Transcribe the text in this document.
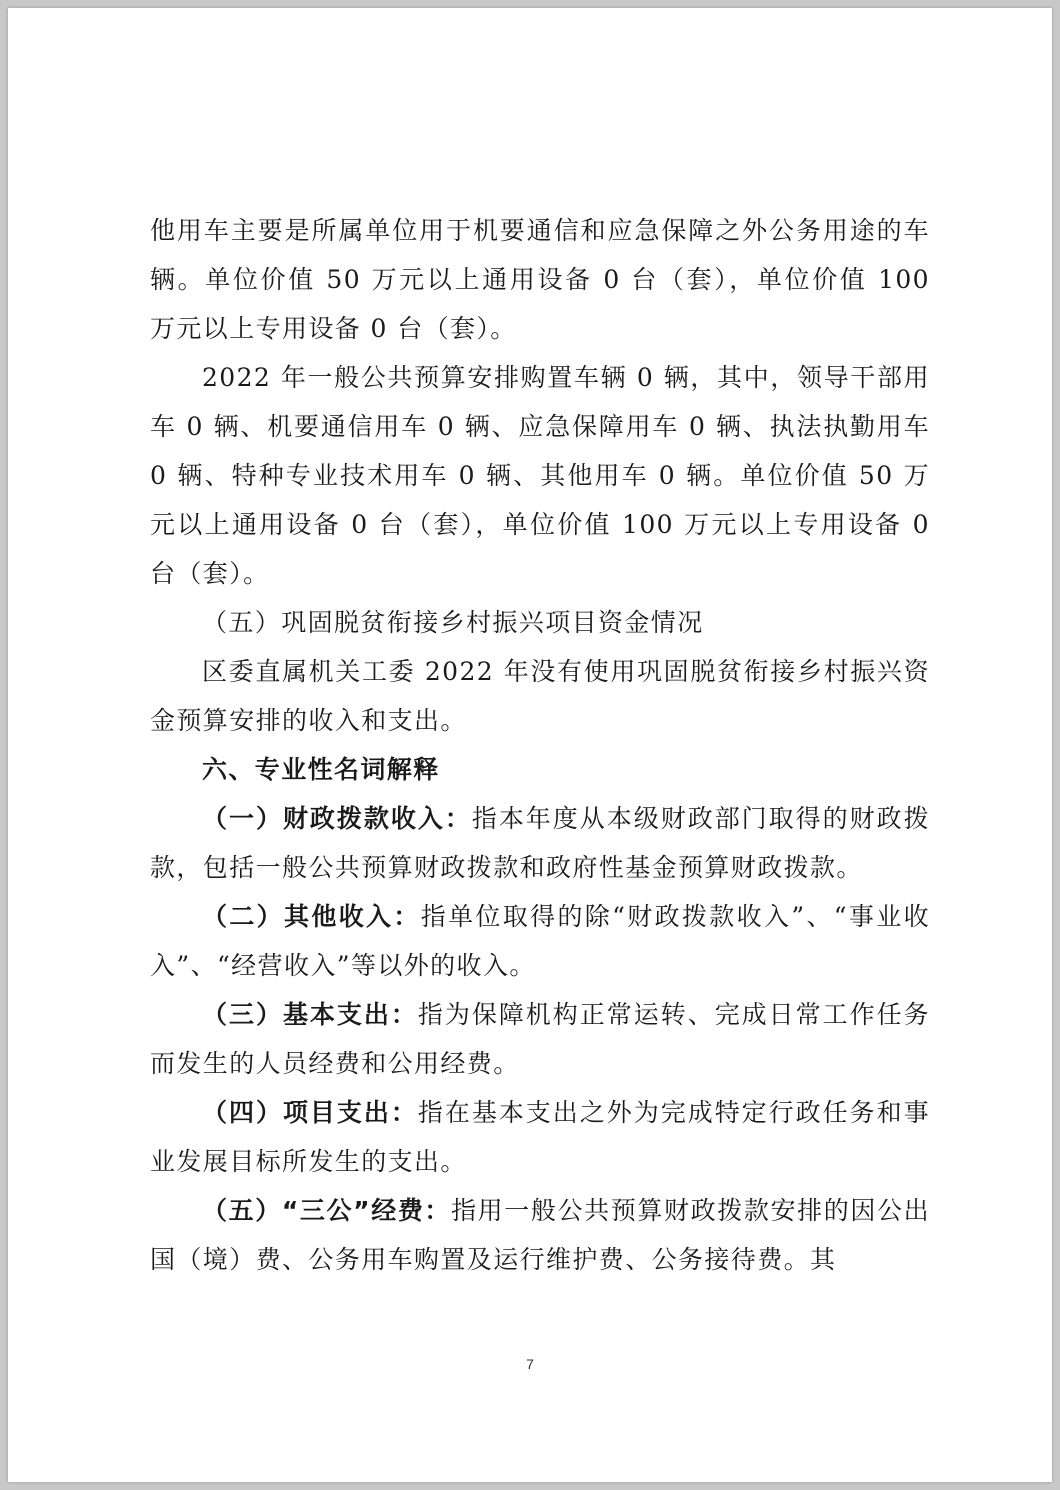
他用车主要是所属单位用于机要通信和应急保障之外公务用途的车辆。单位价值 50 万元以上通用设备 0 台（套），单位价值 100 万元以上专用设备 0 台（套）。

2022 年一般公共预算安排购置车辆 0 辆，其中，领导干部用车 0 辆、机要通信用车 0 辆、应急保障用车 0 辆、执法执勤用车 0 辆、特种专业技术用车 0 辆、其他用车 0 辆。单位价值 50 万元以上通用设备 0 台（套），单位价值 100 万元以上专用设备 0 台（套）。

（五）巩固脱贫衔接乡村振兴项目资金情况

区委直属机关工委 2022 年没有使用巩固脱贫衔接乡村振兴资金预算安排的收入和支出。

六、专业性名词解释

（一）财政拨款收入：指本年度从本级财政部门取得的财政拨款，包括一般公共预算财政拨款和政府性基金预算财政拨款。

（二）其他收入：指单位取得的除“财政拨款收入”、“事业收入”、“经营收入”等以外的收入。

（三）基本支出：指为保障机构正常运转、完成日常工作任务而发生的人员经费和公用经费。

（四）项目支出：指在基本支出之外为完成特定行政任务和事业发展目标所发生的支出。

（五）“三公”经费：指用一般公共预算财政拨款安排的因公出国（境）费、公务用车购置及运行维护费、公务接待费。其

7
